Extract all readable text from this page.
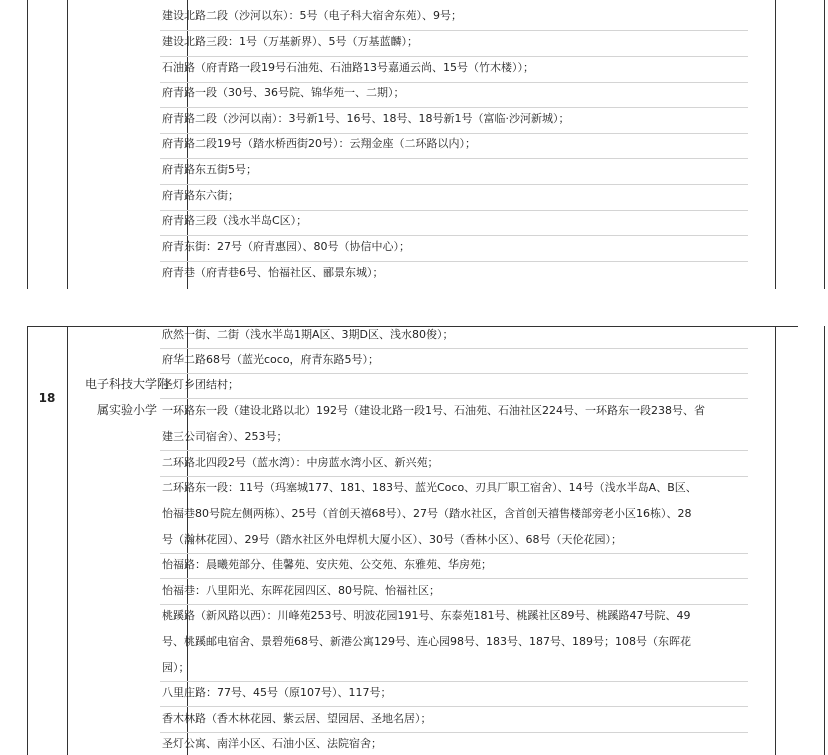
建设北路二段（沙河以东）：5号（电子科大宿舍东苑）、9号；
建设北路三段：1号（万基新界）、5号（万基蓝麟）；
石油路（府青路一段19号石油苑、石油路13号嘉通云尚、15号（竹木楼））；
府青路一段（30号、36号院、锦华苑一、二期）；
府青路二段（沙河以南）：3号新1号、16号、18号、18号新1号（富临·沙河新城）；
府青路二段19号（踏水桥西街20号）：云翔金座（二环路以内）；
府青路东五街5号；
府青路东六街；
府青路三段（浅水半岛C区）；
府青东街：27号（府青惠园）、80号（协信中心）；
府青巷（府青巷6号、怡福社区、郦景东城）；
18
电子科技大学附
属实验小学
欣然一街、二街（浅水半岛1期A区、3期D区、浅水80俊）；
府华二路68号（蓝光coco，府青东路5号）；
圣灯乡团结村；
一环路东一段（建设北路以北）192号（建设北路一段1号、石油苑、石油社区224号、一环路东一段238号、省
建三公司宿舍）、253号；
二环路北四段2号（蓝水湾）：中房蓝水湾小区、新兴苑；
二环路东一段：11号（玛塞城177、181、183号、蓝光Coco、刃具厂职工宿舍）、14号（浅水半岛A、B区、
怡福巷80号院左侧两栋）、25号（首创天禧68号）、27号（踏水社区，含首创天禧售楼部旁老小区16栋）、28
号（瀚林花园）、29号（踏水社区外电焊机大厦小区）、30号（香林小区）、68号（天伦花园）；
怡福路：晨曦苑部分、佳馨苑、安庆苑、公交苑、东雅苑、华房苑；
怡福巷：八里阳光、东晖花园四区、80号院、怡福社区；
桃蹊路（新风路以西）：川峰苑253号、明波花园191号、东泰苑181号、桃蹊社区89号、桃蹊路47号院、49
号、桃蹊邮电宿舍、景碧苑68号、新港公寓129号、连心园98号、183号、187号、189号；108号（东晖花
园）；
八里庄路：77号、45号（原107号）、117号；
香木林路（香木林花园、紫云居、望园居、圣地名居）；
圣灯公寓、南洋小区、石油小区、法院宿舍；
